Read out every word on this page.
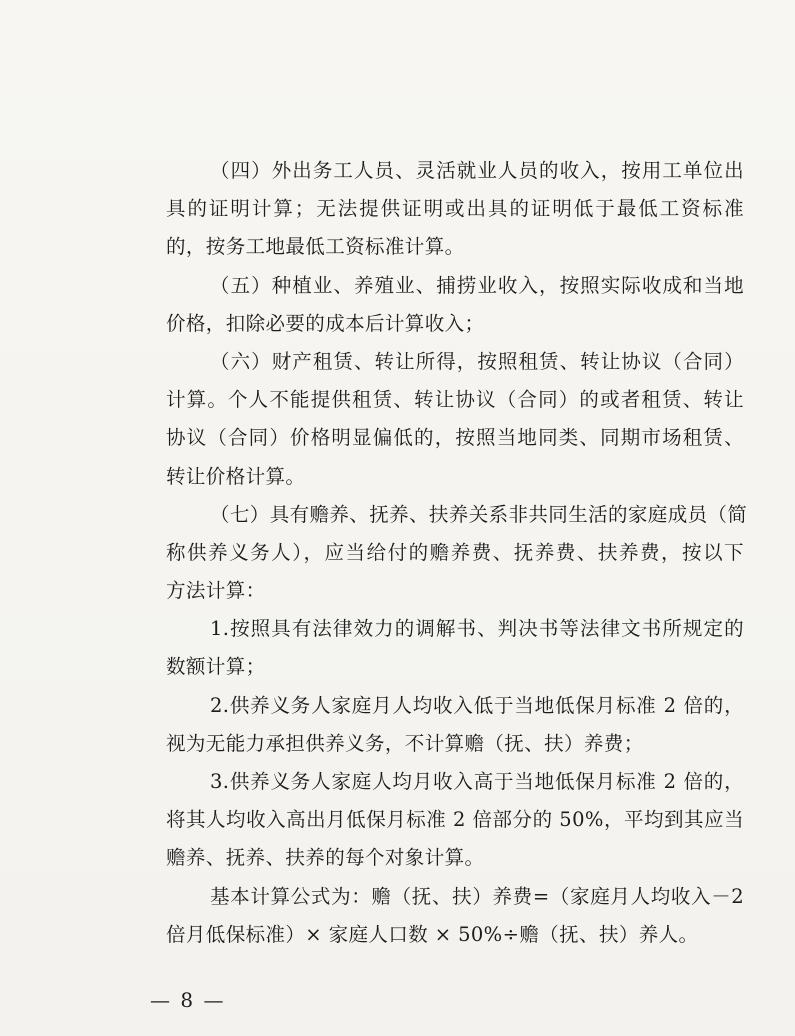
（四）外出务工人员、灵活就业人员的收入，按用工单位出
具的证明计算；无法提供证明或出具的证明低于最低工资标准
的，按务工地最低工资标准计算。
（五）种植业、养殖业、捕捞业收入，按照实际收成和当地
价格，扣除必要的成本后计算收入；
（六）财产租赁、转让所得，按照租赁、转让协议（合同）
计算。个人不能提供租赁、转让协议（合同）的或者租赁、转让
协议（合同）价格明显偏低的，按照当地同类、同期市场租赁、
转让价格计算。
（七）具有赡养、抚养、扶养关系非共同生活的家庭成员（简
称供养义务人），应当给付的赡养费、抚养费、扶养费，按以下
方法计算：
1.按照具有法律效力的调解书、判决书等法律文书所规定的
数额计算；
2.供养义务人家庭月人均收入低于当地低保月标准 2 倍的，
视为无能力承担供养义务，不计算赡（抚、扶）养费；
3.供养义务人家庭人均月收入高于当地低保月标准 2 倍的，
将其人均收入高出月低保月标准 2 倍部分的 50%，平均到其应当
赡养、抚养、扶养的每个对象计算。
基本计算公式为：赡（抚、扶）养费=（家庭月人均收入－2
倍月低保标准）× 家庭人口数 × 50%÷赡（抚、扶）养人。
— 8 —
